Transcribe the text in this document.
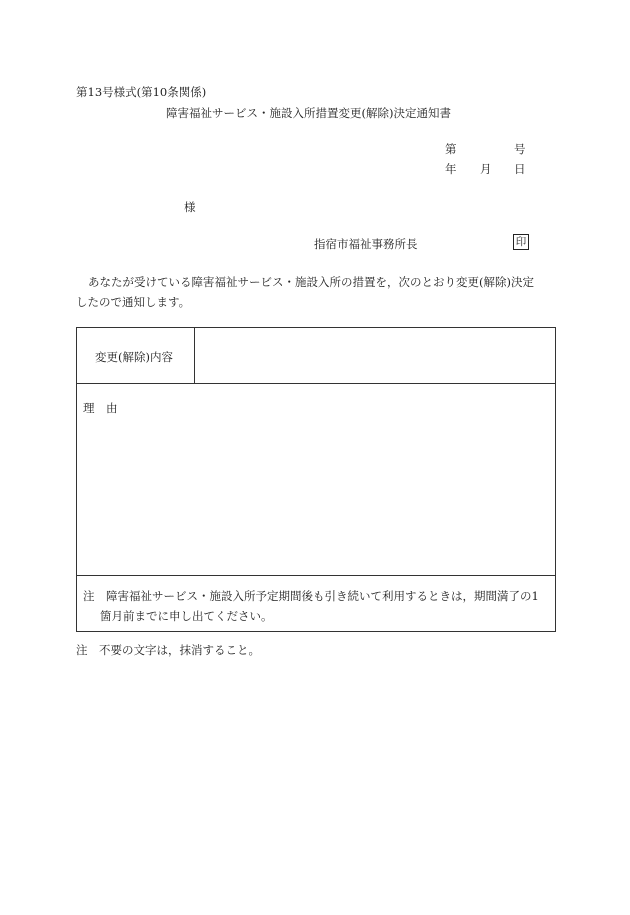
第13号様式(第10条関係)
障害福祉サービス・施設入所措置変更(解除)決定通知書
第	号
年 月 日
様
指宿市福祉事務所長	印

あなたが受けている障害福祉サービス・施設入所の措置を，次のとおり変更(解除)決定

したので通知します。

変更(解除)内容
理　由

注　障害福祉サービス・施設入所予定期間後も引き続いて利用するときは，期間満了の1

箇月前までに申し出てください。

注　不要の文字は，抹消すること。
